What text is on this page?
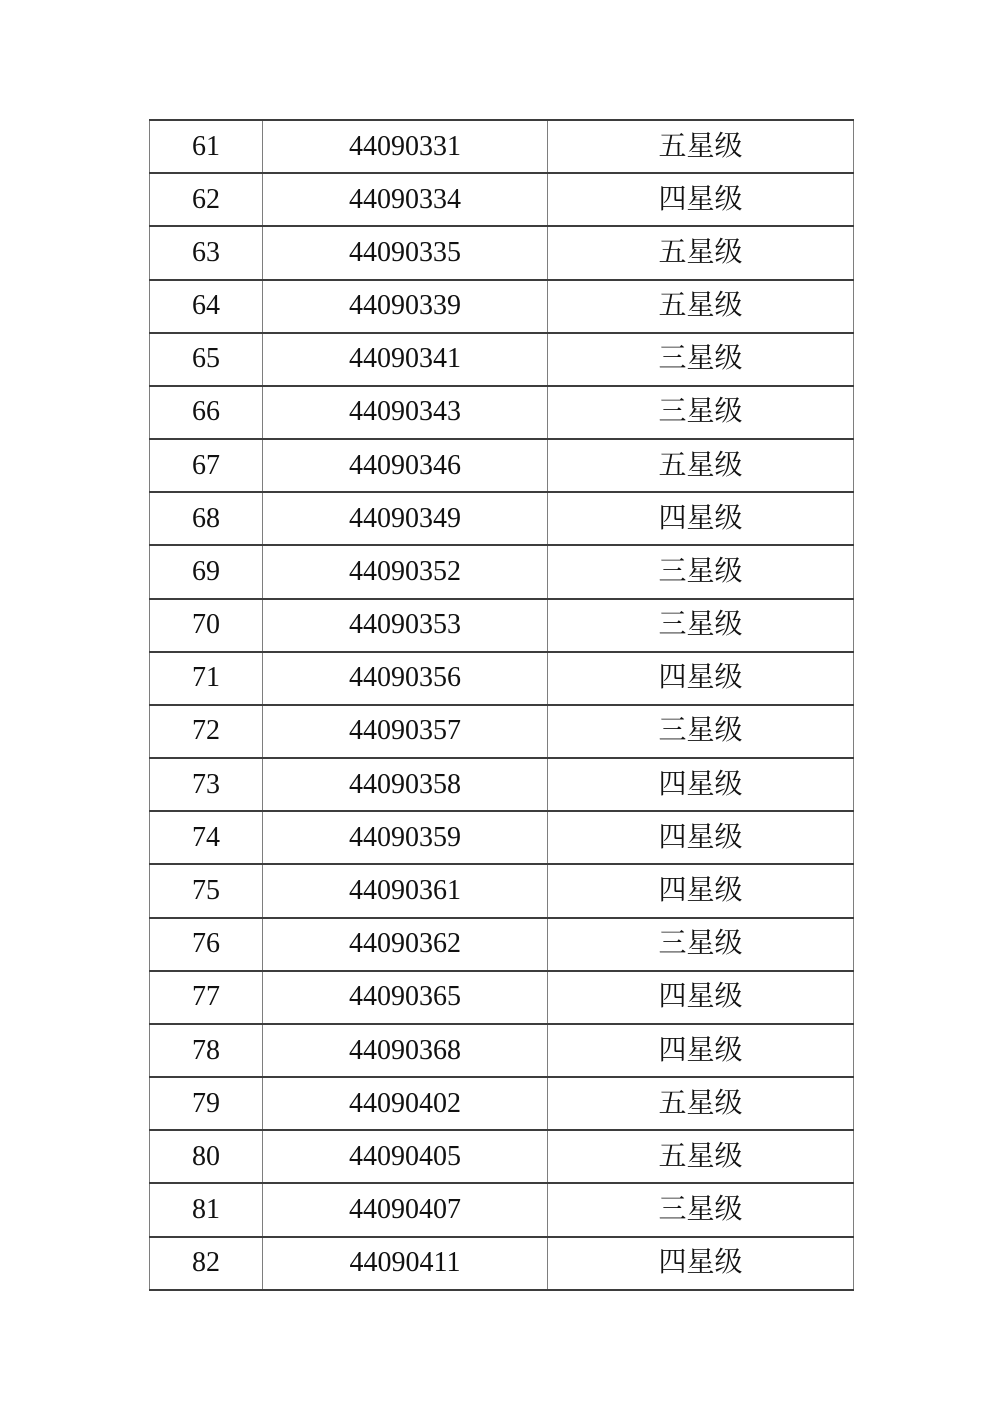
61	44090331	五星级
62	44090334	四星级
63	44090335	五星级
64	44090339	五星级
65	44090341	三星级
66	44090343	三星级
67	44090346	五星级
68	44090349	四星级
69	44090352	三星级
70	44090353	三星级
71	44090356	四星级
72	44090357	三星级
73	44090358	四星级
74	44090359	四星级
75	44090361	四星级
76	44090362	三星级
77	44090365	四星级
78	44090368	四星级
79	44090402	五星级
80	44090405	五星级
81	44090407	三星级
82	44090411	四星级
